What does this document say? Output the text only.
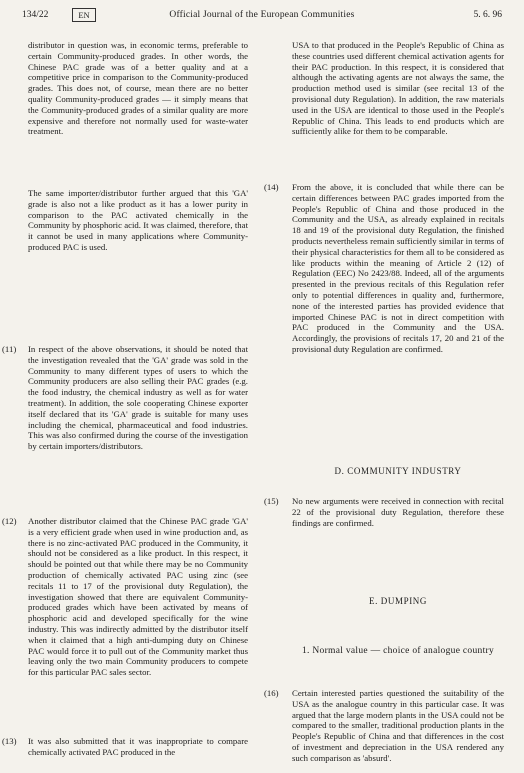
134/22	EN	Official Journal of the European Communities	5. 6. 96
distributor in question was, in economic terms, preferable to certain Community-produced grades. In other words, the Chinese PAC grade was of a better quality and at a competitive price in comparison to the Community-produced grades. This does not, of course, mean there are no better quality Community-produced grades — it simply means that the Community-produced grades of a similar quality are more expensive and therefore not normally used for waste-water treatment.
The same importer/distributor further argued that this 'GA' grade is also not a like product as it has a lower purity in comparison to the PAC activated chemically in the Community by phosphoric acid. It was claimed, therefore, that it cannot be used in many applications where Community-produced PAC is used.
(11) In respect of the above observations, it should be noted that the investigation revealed that the 'GA' grade was sold in the Community to many different types of users to which the Community producers are also selling their PAC grades (e.g. the food industry, the chemical industry as well as for water treatment). In addition, the sole cooperating Chinese exporter itself declared that its 'GA' grade is suitable for many uses including the chemical, pharmaceutical and food industries. This was also confirmed during the course of the investigation by certain importers/distributors.
(12) Another distributor claimed that the Chinese PAC grade 'GA' is a very efficient grade when used in wine production and, as there is no zinc-activated PAC produced in the Community, it should not be considered as a like product. In this respect, it should be pointed out that while there may be no Community production of chemically activated PAC using zinc (see recitals 11 to 17 of the provisional duty Regulation), the investigation showed that there are equivalent Community-produced grades which have been activated by means of phosphoric acid and developed specifically for the wine industry. This was indirectly admitted by the distributor itself when it claimed that a high anti-dumping duty on Chinese PAC would force it to pull out of the Community market thus leaving only the two main Community producers to compete for this particular PAC sales sector.
(13) It was also submitted that it was inappropriate to compare chemically activated PAC produced in the
USA to that produced in the People's Republic of China as these countries used different chemical activation agents for their PAC production. In this respect, it is considered that although the activating agents are not always the same, the production method used is similar (see recital 13 of the provisional duty Regulation). In addition, the raw materials used in the USA are identical to those used in the People's Republic of China. This leads to end products which are sufficiently alike for them to be comparable.
(14) From the above, it is concluded that while there can be certain differences between PAC grades imported from the People's Republic of China and those produced in the Community and the USA, as already explained in recitals 18 and 19 of the provisional duty Regulation, the finished products nevertheless remain sufficiently similar in terms of their physical characteristics for them all to be considered as like products within the meaning of Article 2 (12) of Regulation (EEC) No 2423/88. Indeed, all of the arguments presented in the previous recitals of this Regulation refer only to potential differences in quality and, furthermore, none of the interested parties has provided evidence that imported Chinese PAC is not in direct competition with PAC produced in the Community and the USA. Accordingly, the provisions of recitals 17, 20 and 21 of the provisional duty Regulation are confirmed.
D. COMMUNITY INDUSTRY
(15) No new arguments were received in connection with recital 22 of the provisional duty Regulation, therefore these findings are confirmed.
E. DUMPING
1. Normal value — choice of analogue country
(16) Certain interested parties questioned the suitability of the USA as the analogue country in this particular case. It was argued that the large modern plants in the USA could not be compared to the smaller, traditional production plants in the People's Republic of China and that differences in the cost of investment and depreciation in the USA rendered any such comparison as 'absurd'.
